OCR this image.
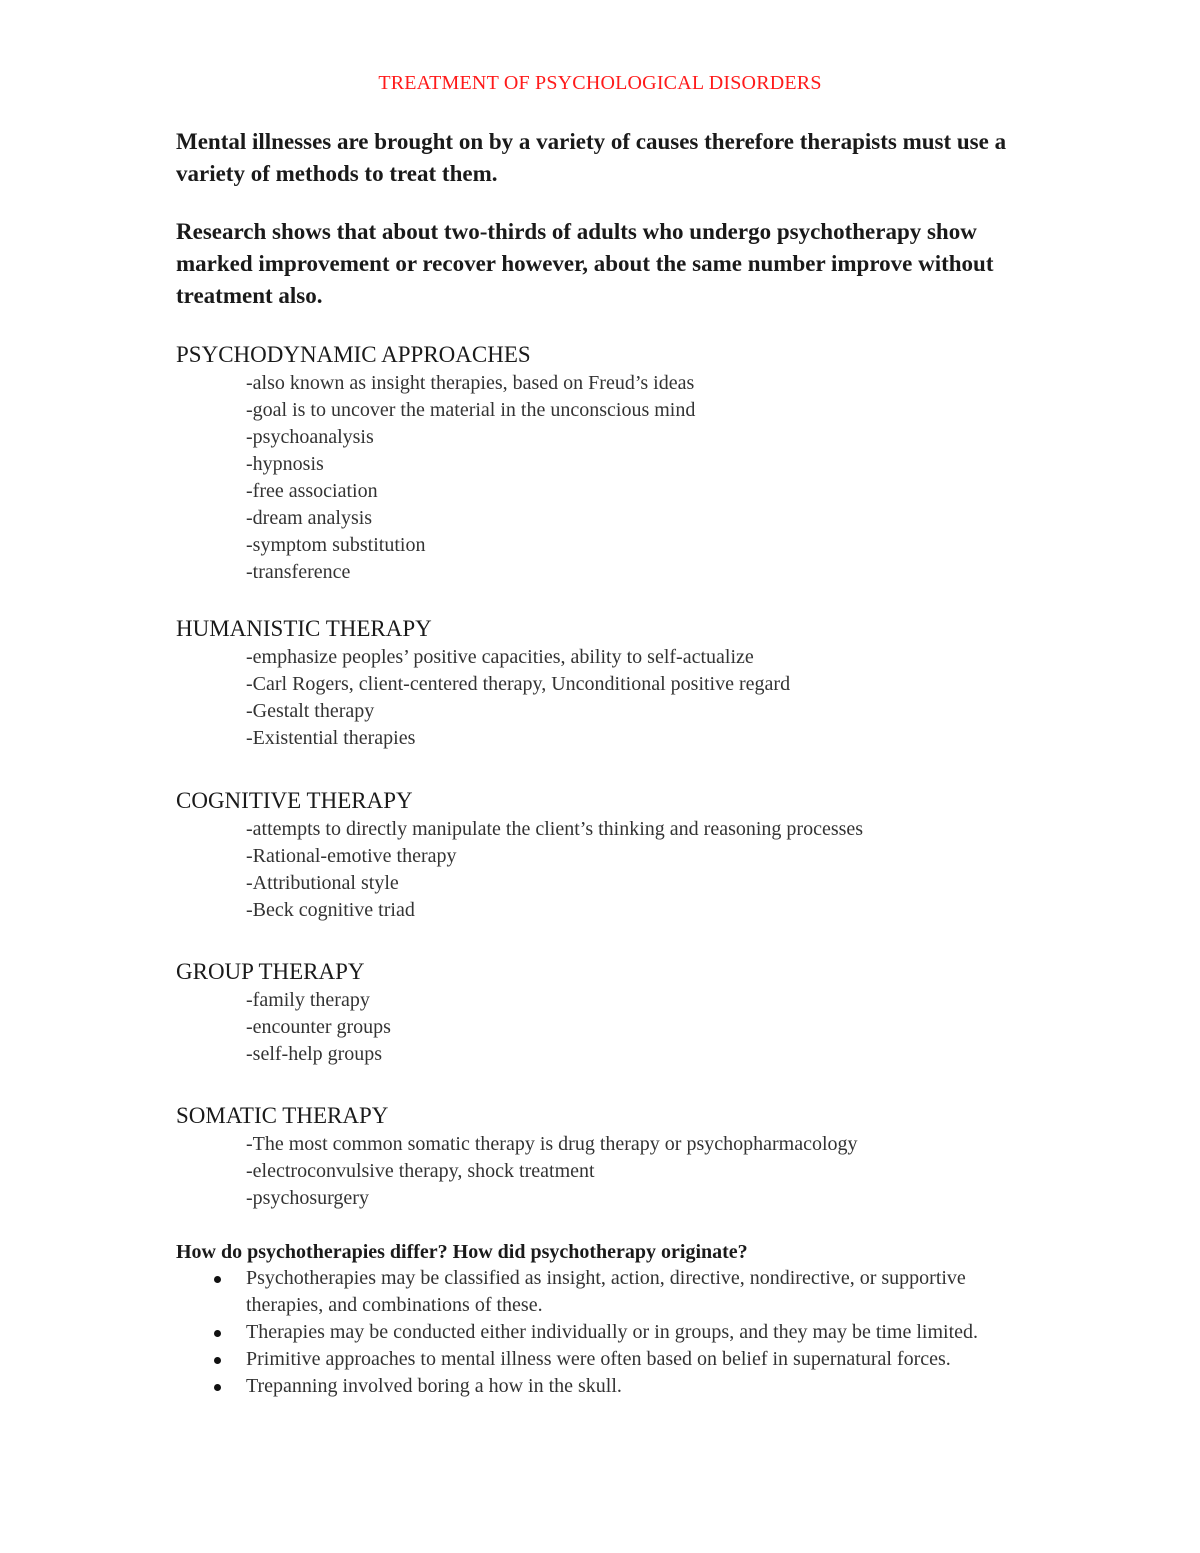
TREATMENT OF PSYCHOLOGICAL DISORDERS
Mental illnesses are brought on by a variety of causes therefore therapists must use a variety of methods to treat them.
Research shows that about two-thirds of adults who undergo psychotherapy show marked improvement or recover however, about the same number improve without treatment also.
PSYCHODYNAMIC APPROACHES
-also known as insight therapies, based on Freud’s ideas
-goal is to uncover the material in the unconscious mind
-psychoanalysis
-hypnosis
-free association
-dream analysis
-symptom substitution
-transference
HUMANISTIC THERAPY
-emphasize peoples’ positive capacities, ability to self-actualize
-Carl Rogers, client-centered therapy, Unconditional positive regard
-Gestalt therapy
-Existential therapies
COGNITIVE THERAPY
-attempts to directly manipulate the client’s thinking and reasoning processes
-Rational-emotive therapy
-Attributional style
-Beck cognitive triad
GROUP THERAPY
-family therapy
-encounter groups
-self-help groups
SOMATIC THERAPY
-The most common somatic therapy is drug therapy or psychopharmacology
-electroconvulsive therapy, shock treatment
-psychosurgery
How do psychotherapies differ? How did psychotherapy originate?
Psychotherapies may be classified as insight, action, directive, nondirective, or supportive therapies, and combinations of these.
Therapies may be conducted either individually or in groups, and they may be time limited.
Primitive approaches to mental illness were often based on belief in supernatural forces.
Trepanning involved boring a how in the skull.
